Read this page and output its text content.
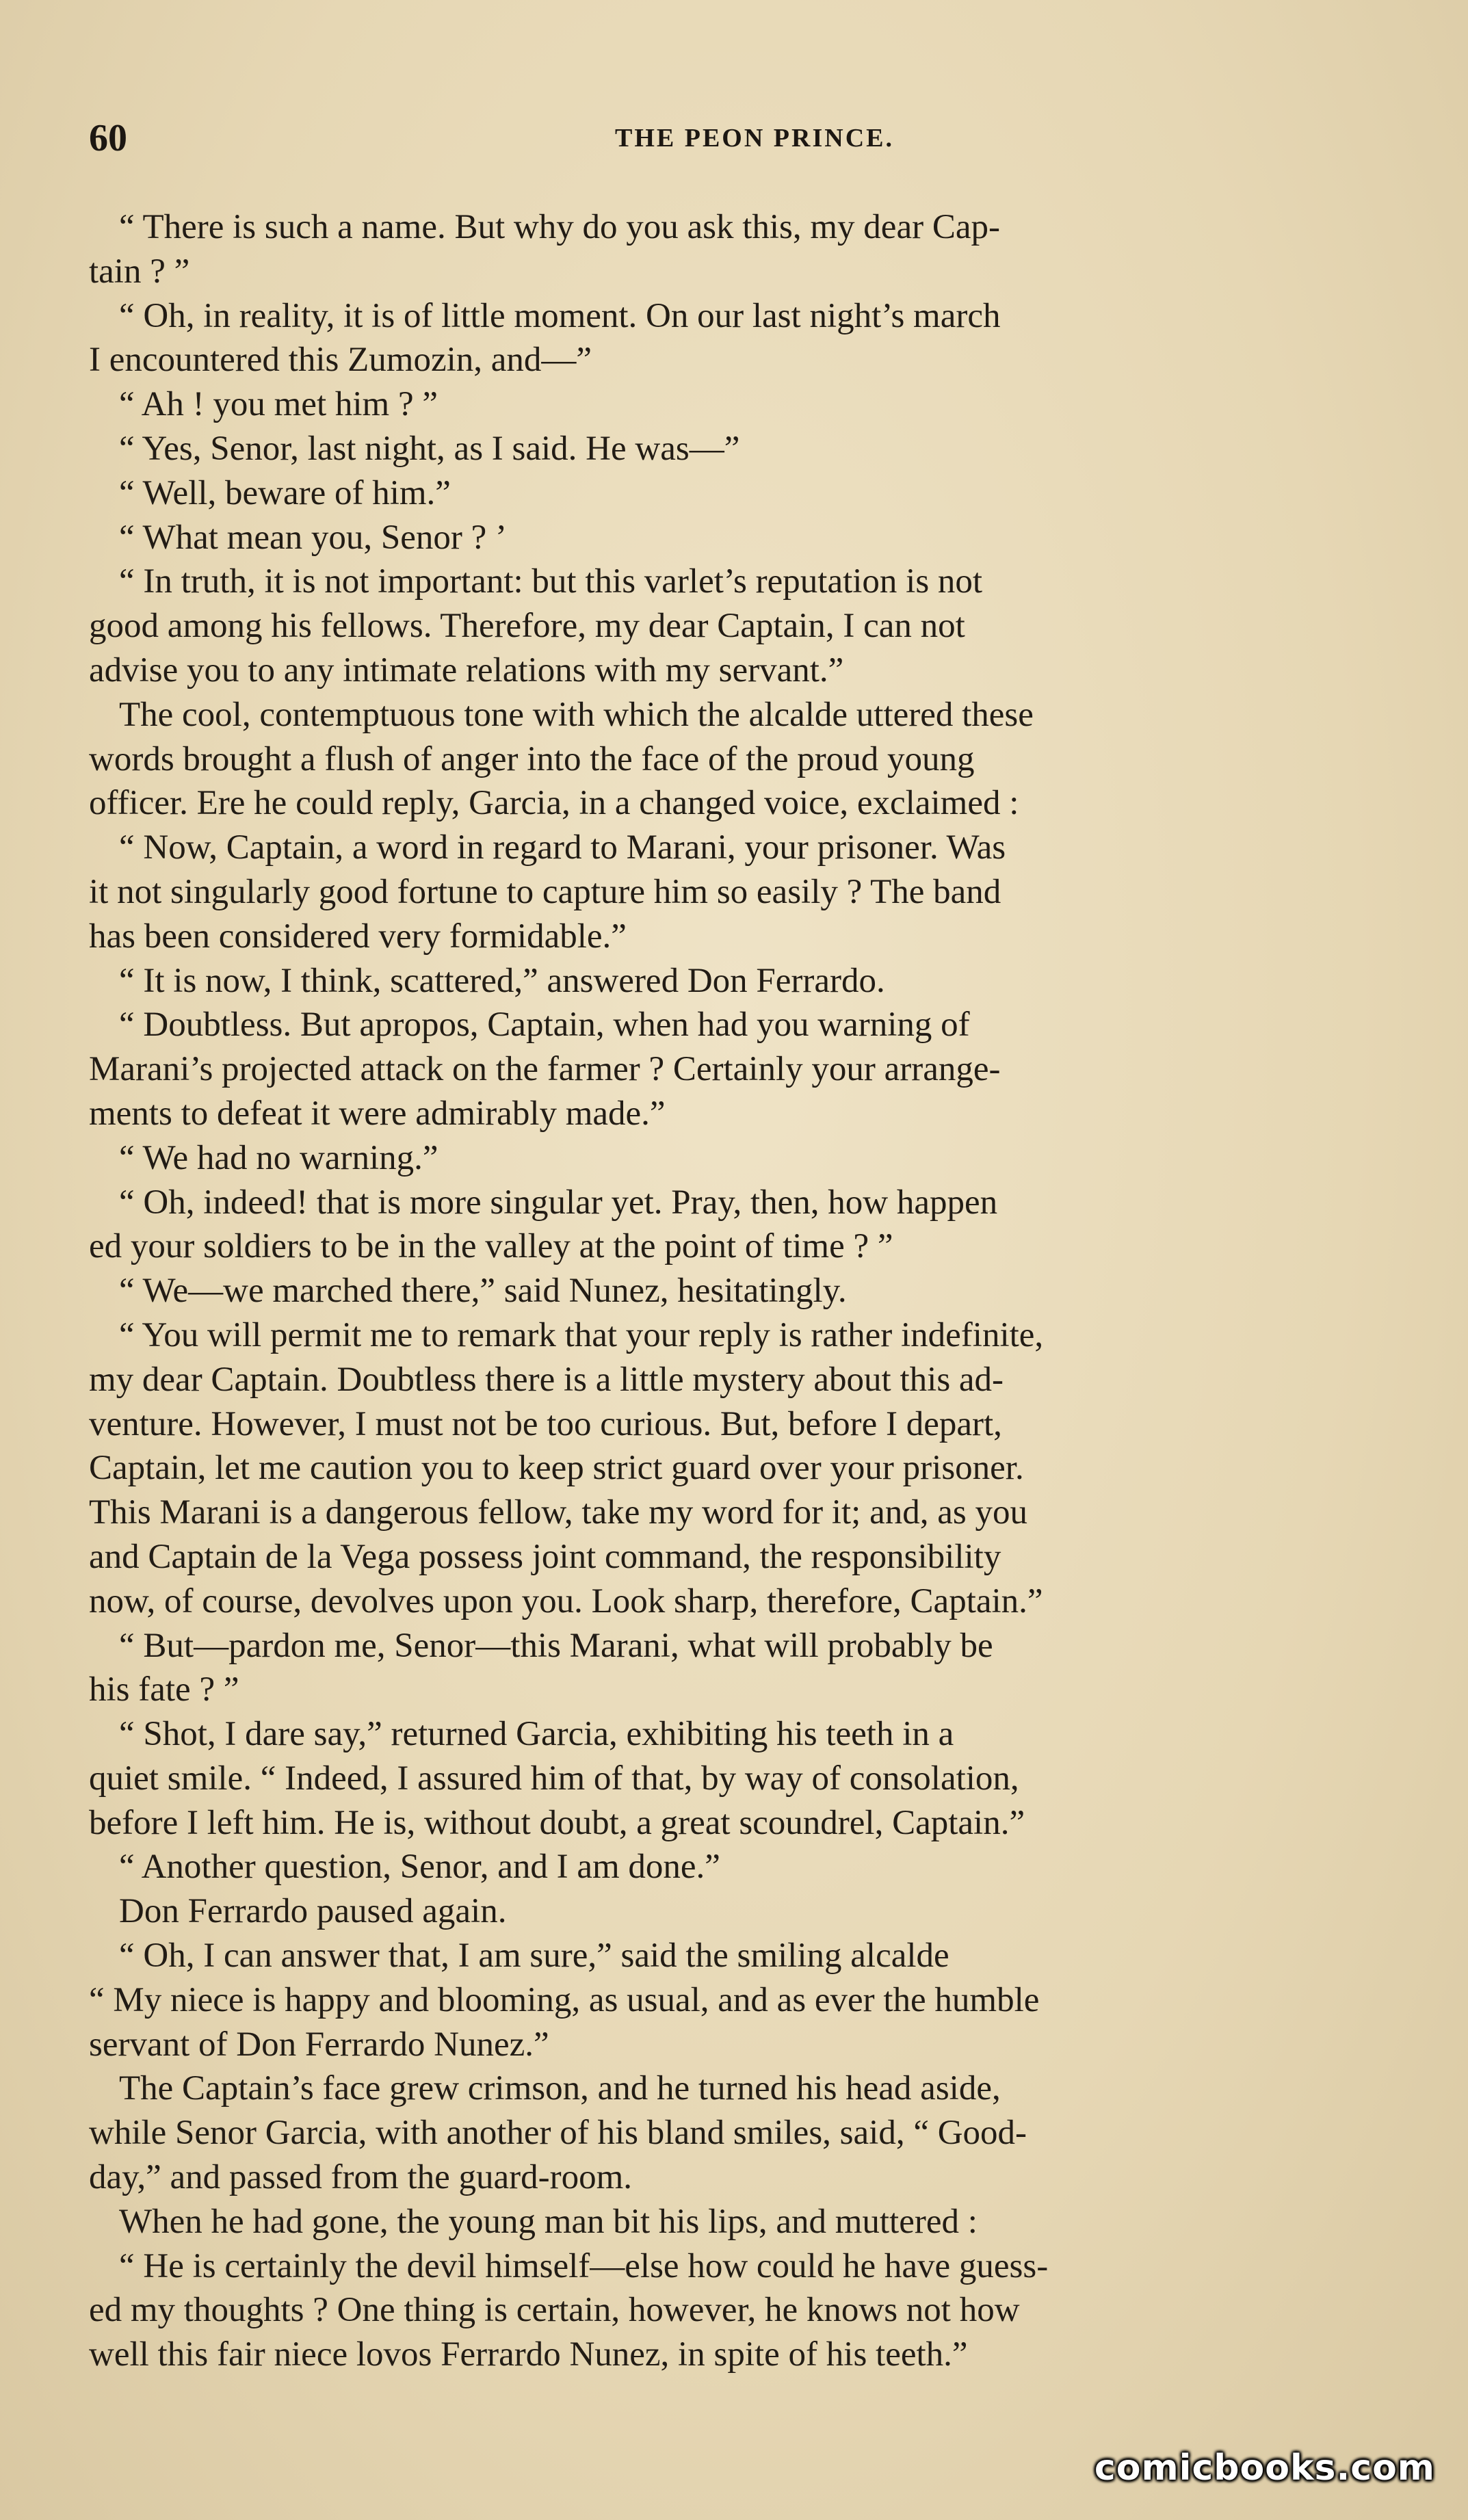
60	THE PEON PRINCE.
“ There is such a name. But why do you ask this, my dear Cap-
tain ? ”
“ Oh, in reality, it is of little moment. On our last night’s march
I encountered this Zumozin, and—”
“ Ah ! you met him ? ”
“ Yes, Senor, last night, as I said. He was—”
“ Well, beware of him.”
“ What mean you, Senor ? ’
“ In truth, it is not important: but this varlet’s reputation is not
good among his fellows. Therefore, my dear Captain, I can not
advise you to any intimate relations with my servant.”
The cool, contemptuous tone with which the alcalde uttered these
words brought a flush of anger into the face of the proud young
officer. Ere he could reply, Garcia, in a changed voice, exclaimed :
“ Now, Captain, a word in regard to Marani, your prisoner. Was
it not singularly good fortune to capture him so easily ? The band
has been considered very formidable.”
“ It is now, I think, scattered,” answered Don Ferrardo.
“ Doubtless. But apropos, Captain, when had you warning of
Marani’s projected attack on the farmer ? Certainly your arrange-
ments to defeat it were admirably made.”
“ We had no warning.”
“ Oh, indeed! that is more singular yet. Pray, then, how happen
ed your soldiers to be in the valley at the point of time ? ”
“ We—we marched there,” said Nunez, hesitatingly.
“ You will permit me to remark that your reply is rather indefinite,
my dear Captain. Doubtless there is a little mystery about this ad-
venture. However, I must not be too curious. But, before I depart,
Captain, let me caution you to keep strict guard over your prisoner.
This Marani is a dangerous fellow, take my word for it; and, as you
and Captain de la Vega possess joint command, the responsibility
now, of course, devolves upon you. Look sharp, therefore, Captain.”
“ But—pardon me, Senor—this Marani, what will probably be
his fate ? ”
“ Shot, I dare say,” returned Garcia, exhibiting his teeth in a
quiet smile. “ Indeed, I assured him of that, by way of consolation,
before I left him. He is, without doubt, a great scoundrel, Captain.”
“ Another question, Senor, and I am done.”
Don Ferrardo paused again.
“ Oh, I can answer that, I am sure,” said the smiling alcalde
“ My niece is happy and blooming, as usual, and as ever the humble
servant of Don Ferrardo Nunez.”
The Captain’s face grew crimson, and he turned his head aside,
while Senor Garcia, with another of his bland smiles, said, “ Good-
day,” and passed from the guard-room.
When he had gone, the young man bit his lips, and muttered :
“ He is certainly the devil himself—else how could he have guess-
ed my thoughts ? One thing is certain, however, he knows not how
well this fair niece lovos Ferrardo Nunez, in spite of his teeth.”
comicbooks.com
